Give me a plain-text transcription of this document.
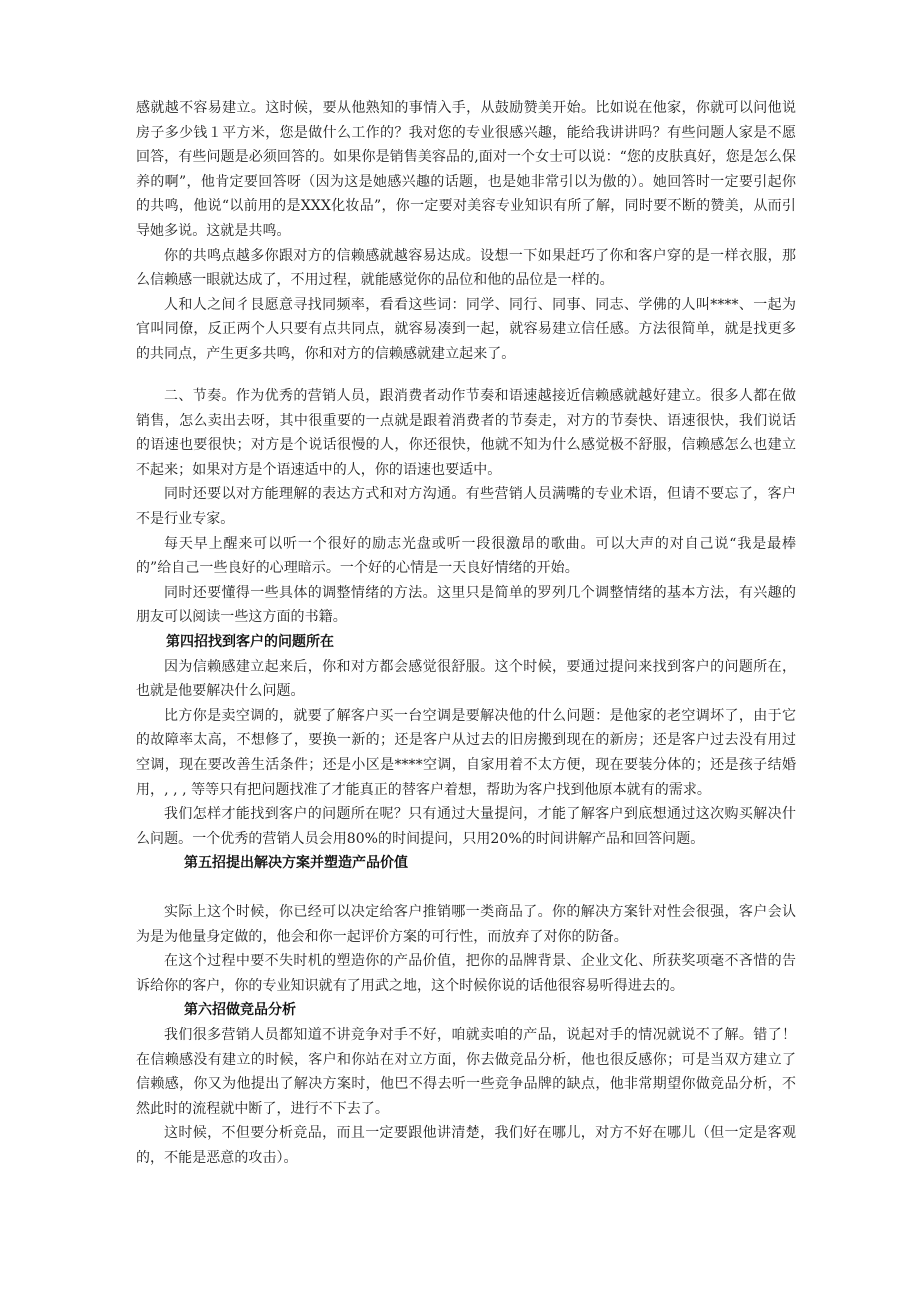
感就越不容易建立。这时候，要从他熟知的事情入手，从鼓励赞美开始。比如说在他家，你就可以问他说房子多少钱１平方米，您是做什么工作的？我对您的专业很感兴趣，能给我讲讲吗？有些问题人家是不愿回答，有些问题是必须回答的。如果你是销售美容品的,面对一个女士可以说：“您的皮肤真好，您是怎么保养的啊”，他肯定要回答呀（因为这是她感兴趣的话题，也是她非常引以为傲的）。她回答时一定要引起你的共鸣，他说“以前用的是XXX化妆品”，你一定要对美容专业知识有所了解，同时要不断的赞美，从而引导她多说。这就是共鸣。

你的共鸣点越多你跟对方的信赖感就越容易达成。设想一下如果赶巧了你和客户穿的是一样衣服，那么信赖感一眼就达成了，不用过程，就能感觉你的品位和他的品位是一样的。

人和人之间彳艮愿意寻找同频率，看看这些词：同学、同行、同事、同志、学佛的人叫****、一起为官叫同僚，反正两个人只要有点共同点，就容易凑到一起，就容易建立信任感。方法很简单，就是找更多的共同点，产生更多共鸣，你和对方的信赖感就建立起来了。

二、节奏。作为优秀的营销人员，跟消费者动作节奏和语速越接近信赖感就越好建立。很多人都在做销售，怎么卖出去呀，其中很重要的一点就是跟着消费者的节奏走，对方的节奏快、语速很快，我们说话的语速也要很快；对方是个说话很慢的人，你还很快，他就不知为什么感觉极不舒服，信赖感怎么也建立不起来；如果对方是个语速适中的人，你的语速也要适中。

同时还要以对方能理解的表达方式和对方沟通。有些营销人员满嘴的专业术语，但请不要忘了，客户不是行业专家。

每天早上醒来可以听一个很好的励志光盘或听一段很激昂的歌曲。可以大声的对自己说“我是最棒的”给自己一些良好的心理暗示。一个好的心情是一天良好情绪的开始。

同时还要懂得一些具体的调整情绪的方法。这里只是简单的罗列几个调整情绪的基本方法，有兴趣的朋友可以阅读一些这方面的书籍。

第四招找到客户的问题所在

因为信赖感建立起来后，你和对方都会感觉很舒服。这个时候，要通过提问来找到客户的问题所在，也就是他要解决什么问题。

比方你是卖空调的，就要了解客户买一台空调是要解决他的什么问题：是他家的老空调坏了，由于它的故障率太高，不想修了，要换一新的；还是客户从过去的旧房搬到现在的新房；还是客户过去没有用过空调，现在要改善生活条件；还是小区是****空调，自家用着不太方便，现在要装分体的；还是孩子结婚用，, , , 等等只有把问题找准了才能真正的替客户着想，帮助为客户找到他原本就有的需求。

我们怎样才能找到客户的问题所在呢？只有通过大量提问，才能了解客户到底想通过这次购买解决什么问题。一个优秀的营销人员会用80%的时间提问，只用20%的时间讲解产品和回答问题。

第五招提出解决方案并塑造产品价值

实际上这个时候，你已经可以决定给客户推销哪一类商品了。你的解决方案针对性会很强，客户会认为是为他量身定做的，他会和你一起评价方案的可行性，而放弃了对你的防备。

在这个过程中要不失时机的塑造你的产品价值，把你的品牌背景、企业文化、所获奖项毫不吝惜的告诉给你的客户，你的专业知识就有了用武之地，这个时候你说的话他很容易听得进去的。

第六招做竞品分析

我们很多营销人员都知道不讲竞争对手不好，咱就卖咱的产品，说起对手的情况就说不了解。错了！在信赖感没有建立的时候，客户和你站在对立方面，你去做竞品分析，他也很反感你；可是当双方建立了信赖感，你又为他提出了解决方案时，他巴不得去听一些竞争品牌的缺点，他非常期望你做竞品分析，不然此时的流程就中断了，进行不下去了。

这时候，不但要分析竞品，而且一定要跟他讲清楚，我们好在哪儿，对方不好在哪儿（但一定是客观的，不能是恶意的攻击）。
